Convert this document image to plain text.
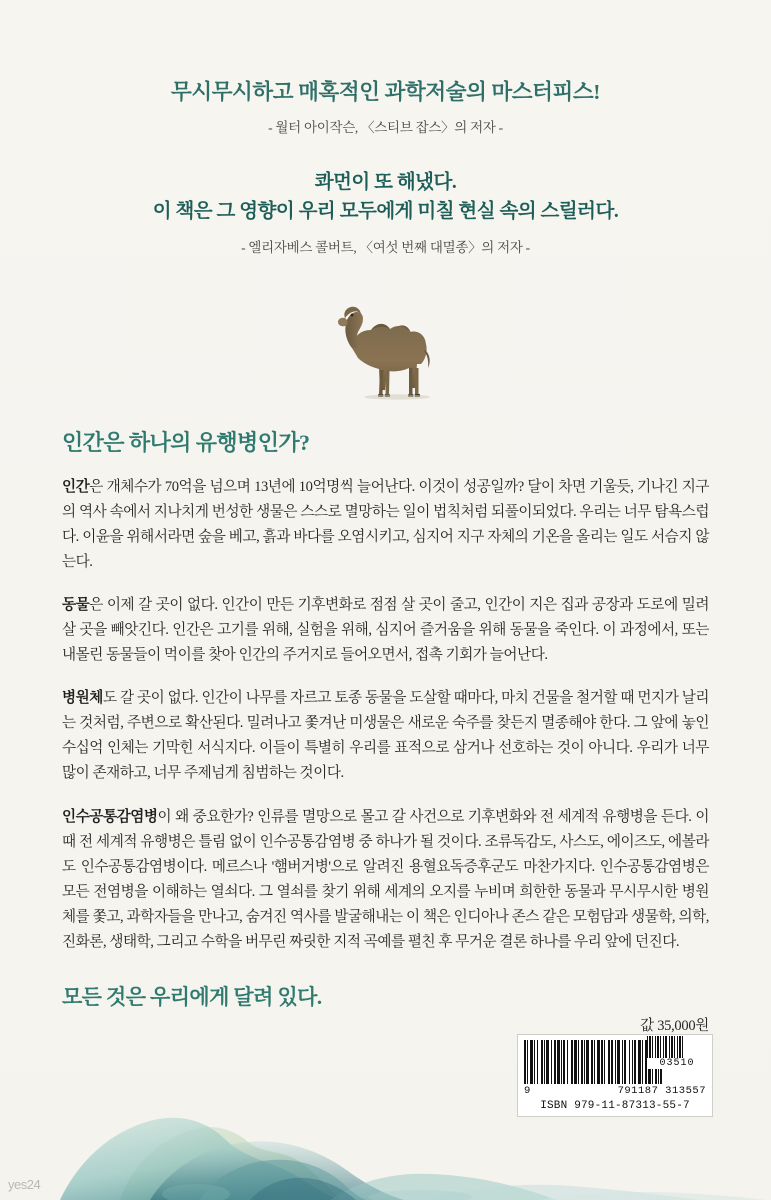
무시무시하고 매혹적인 과학저술의 마스터피스!
- 월터 아이작슨, 〈스티브 잡스〉의 저자 -
콰먼이 또 해냈다.
이 책은 그 영향이 우리 모두에게 미칠 현실 속의 스릴러다.
- 엘리자베스 콜버트, 〈여섯 번째 대멸종〉의 저자 -
인간은 하나의 유행병인가?

인간은 개체수가 70억을 넘으며 13년에 10억명씩 늘어난다. 이것이 성공일까? 달이 차면 기울듯, 기나긴 지구의 역사 속에서 지나치게 번성한 생물은 스스로 멸망하는 일이 법칙처럼 되풀이되었다. 우리는 너무 탐욕스럽다. 이윤을 위해서라면 숲을 베고, 흙과 바다를 오염시키고, 심지어 지구 자체의 기온을 올리는 일도 서슴지 않는다.

동물은 이제 갈 곳이 없다. 인간이 만든 기후변화로 점점 살 곳이 줄고, 인간이 지은 집과 공장과 도로에 밀려 살 곳을 빼앗긴다. 인간은 고기를 위해, 실험을 위해, 심지어 즐거움을 위해 동물을 죽인다. 이 과정에서, 또는 내몰린 동물들이 먹이를 찾아 인간의 주거지로 들어오면서, 접촉 기회가 늘어난다.

병원체도 갈 곳이 없다. 인간이 나무를 자르고 토종 동물을 도살할 때마다, 마치 건물을 철거할 때 먼지가 날리는 것처럼, 주변으로 확산된다. 밀려나고 쫓겨난 미생물은 새로운 숙주를 찾든지 멸종해야 한다. 그 앞에 놓인 수십억 인체는 기막힌 서식지다. 이들이 특별히 우리를 표적으로 삼거나 선호하는 것이 아니다. 우리가 너무 많이 존재하고, 너무 주제넘게 침범하는 것이다.

인수공통감염병이 왜 중요한가? 인류를 멸망으로 몰고 갈 사건으로 기후변화와 전 세계적 유행병을 든다. 이때 전 세계적 유행병은 틀림 없이 인수공통감염병 중 하나가 될 것이다. 조류독감도, 사스도, 에이즈도, 에볼라도 인수공통감염병이다. 메르스나 '햄버거병'으로 알려진 용혈요독증후군도 마찬가지다. 인수공통감염병은 모든 전염병을 이해하는 열쇠다. 그 열쇠를 찾기 위해 세계의 오지를 누비며 희한한 동물과 무시무시한 병원체를 쫓고, 과학자들을 만나고, 숨겨진 역사를 발굴해내는 이 책은 인디아나 존스 같은 모험담과 생물학, 의학, 진화론, 생태학, 그리고 수학을 버무린 짜릿한 지적 곡예를 펼친 후 무거운 결론 하나를 우리 앞에 던진다.

모든 것은 우리에게 달려 있다.
값 35,000원
9	791187 313557
ISBN 979-11-87313-55-7
03510
yes24
